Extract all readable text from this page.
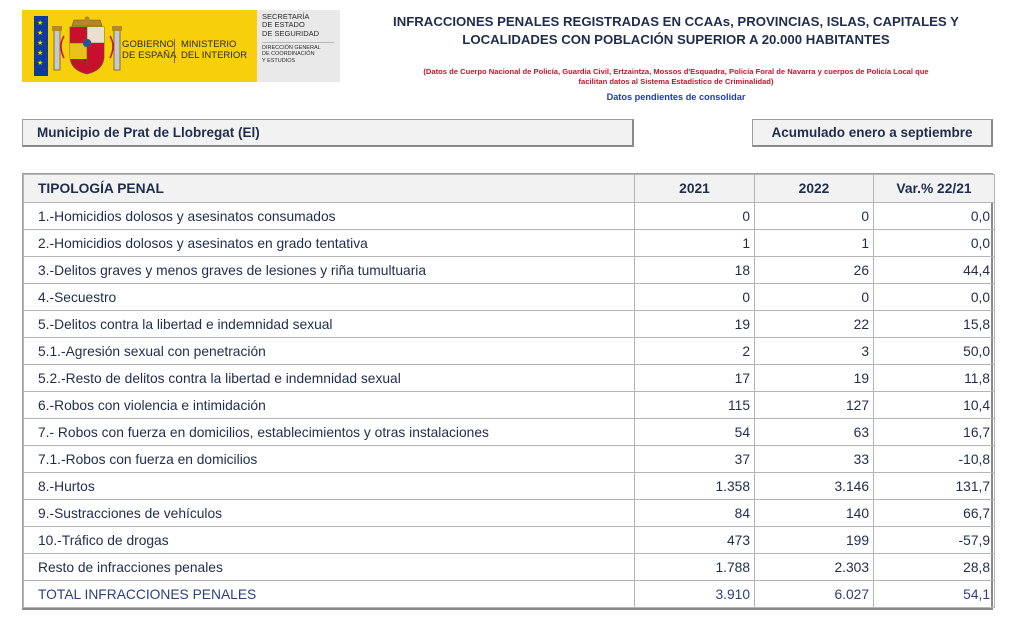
★
★
★
★
★
GOBIERNO
DE ESPAÑA
MINISTERIO
DEL INTERIOR
SECRETARÍA
DE ESTADO
DE SEGURIDAD
DIRECCIÓN GENERAL
DE COORDINACIÓN
Y ESTUDIOS
INFRACCIONES PENALES REGISTRADAS EN CCAAs, PROVINCIAS, ISLAS, CAPITALES Y
LOCALIDADES CON POBLACIÓN SUPERIOR A 20.000 HABITANTES
(Datos de Cuerpo Nacional de Policía, Guardia Civil, Ertzaintza, Mossos d'Esquadra, Policía Foral de Navarra y cuerpos de Policía Local que
facilitan datos al Sistema Estadístico de Criminalidad)
Datos pendientes de consolidar
Municipio de Prat de Llobregat (El)	Acumulado enero a septiembre
TIPOLOGÍA PENAL	2021	2022	Var.% 22/21
1.-Homicidios dolosos y asesinatos consumados	0	0	0,0
2.-Homicidios dolosos y asesinatos en grado tentativa	1	1	0,0
3.-Delitos graves y menos graves de lesiones y riña tumultuaria	18	26	44,4
4.-Secuestro	0	0	0,0
5.-Delitos contra la libertad e indemnidad sexual	19	22	15,8
5.1.-Agresión sexual con penetración	2	3	50,0
5.2.-Resto de delitos contra la libertad e indemnidad sexual	17	19	11,8
6.-Robos con violencia e intimidación	115	127	10,4
7.- Robos con fuerza en domicilios, establecimientos y otras instalaciones	54	63	16,7
7.1.-Robos con fuerza en domicilios	37	33	-10,8
8.-Hurtos	1.358	3.146	131,7
9.-Sustracciones de vehículos	84	140	66,7
10.-Tráfico de drogas	473	199	-57,9
Resto de infracciones penales	1.788	2.303	28,8
TOTAL INFRACCIONES PENALES	3.910	6.027	54,1
